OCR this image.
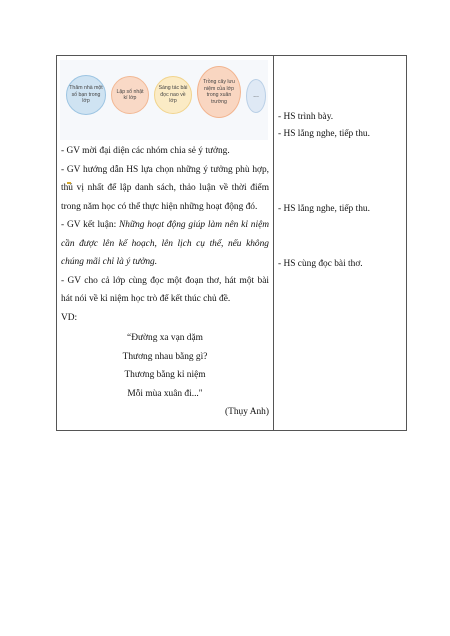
Thăm nhà một số bạn trong lớp
Lập sổ nhật kí lớp
Sáng tác bài đọc nao về lớp
Trồng cây lưu niệm của lớp trong xuân trường
...
- GV mời đại diện các nhóm chia sẻ ý tưởng.
- GV hướng dẫn HS lựa chọn những ý tưởng phù hợp, thú vị nhất để lập danh sách, thảo luận về thời điểm trong năm học có thể thực hiện những hoạt động đó.
- GV kết luận: Những hoạt động giúp làm nên kỉ niệm cần được lên kế hoạch, lên lịch cụ thể, nếu không chúng mãi chỉ là ý tưởng.
- GV cho cả lớp cùng đọc một đoạn thơ, hát một bài hát nói về kỉ niệm học trò để kết thúc chủ đề.
VD:
“Đường xa vạn dặm
Thương nhau bằng gì?
Thương bằng kỉ niệm
Mỗi mùa xuân đi..."
(Thụy Anh)
- HS trình bày.
- HS lắng nghe, tiếp thu.
- HS lắng nghe, tiếp thu.
- HS cùng đọc bài thơ.
